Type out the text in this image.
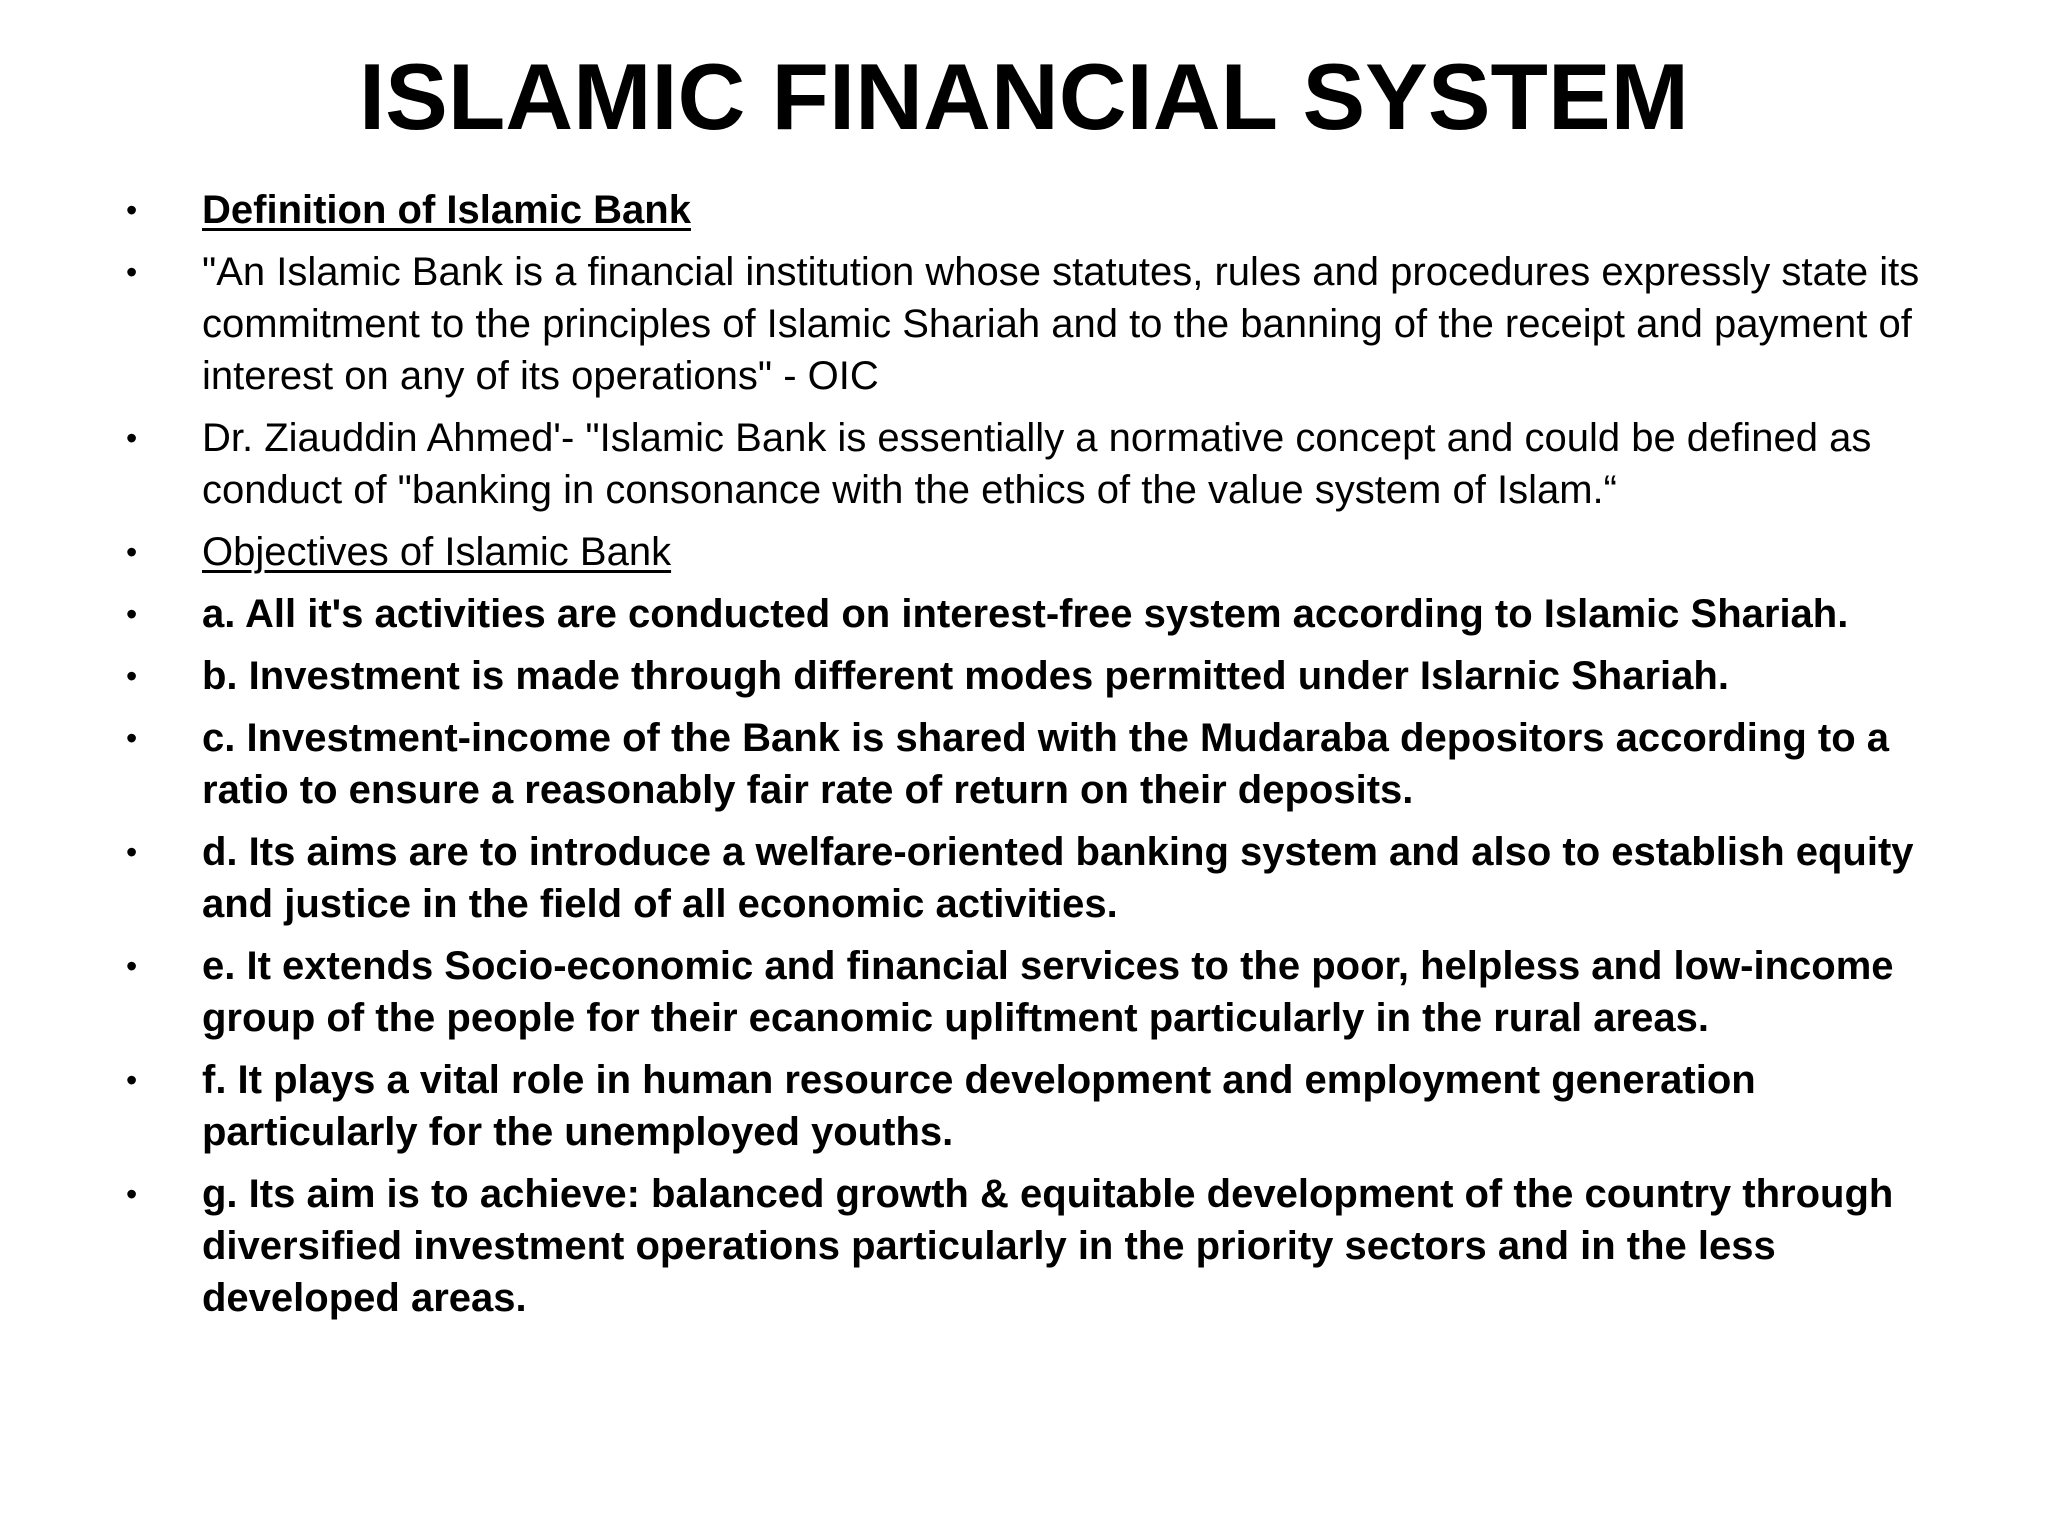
ISLAMIC FINANCIAL SYSTEM
• Definition of Islamic Bank
• "An Islamic Bank is a financial institution whose statutes, rules and procedures expressly state its commitment to the principles of Islamic Shariah and to the banning of the receipt and payment of interest on any of its operations" - OIC
• Dr. Ziauddin Ahmed'- "Islamic Bank is essentially a normative concept and could be defined as conduct of "banking in consonance with the ethics of the value system of Islam.“
• Objectives of Islamic Bank
• a. All it's activities are conducted on interest-free system according to Islamic Shariah.
• b. Investment is made through different modes permitted under Islarnic Shariah.
• c. Investment-income of the Bank is shared with the Mudaraba depositors according to a ratio to ensure a reasonably fair rate of return on their deposits.
• d. Its aims are to introduce a welfare-oriented banking system and also to establish equity and justice in the field of all economic activities.
• e. It extends Socio-economic and financial services to the poor, helpless and low-income group of the people for their ecanomic upliftment particularly in the rural areas.
• f. It plays a vital role in human resource development and employment generation particularly for the unemployed youths.
• g. Its aim is to achieve: balanced growth & equitable development of the country through diversified investment operations particularly in the priority sectors and in the less developed areas.
